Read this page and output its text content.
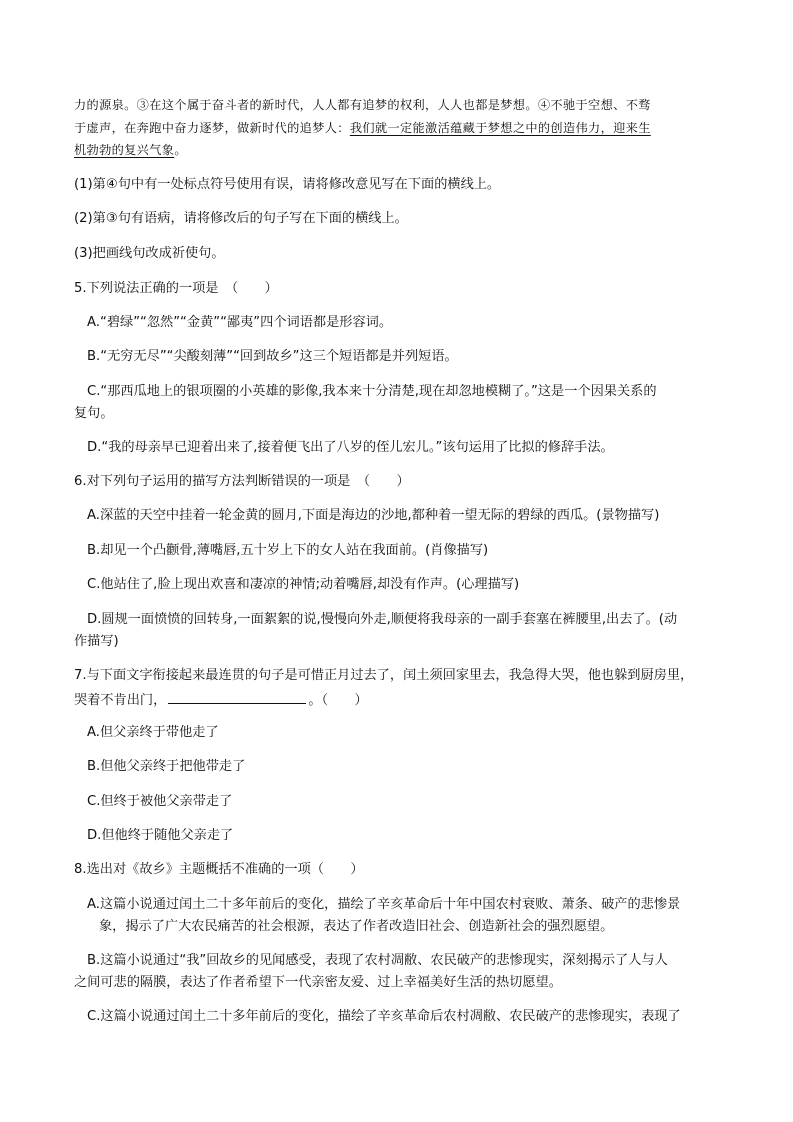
力的源泉。③在这个属于奋斗者的新时代，人人都有追梦的权利，人人也都是梦想。④不驰于空想、不骛
于虚声，在奔跑中奋力逐梦，做新时代的追梦人：我们就一定能激活蕴藏于梦想之中的创造伟力，迎来生
机勃勃的复兴气象。
(1)第④句中有一处标点符号使用有误，请将修改意见写在下面的横线上。
(2)第③句有语病，请将修改后的句子写在下面的横线上。
(3)把画线句改成祈使句。
5.下列说法正确的一项是　（　　）
A.“碧绿”“忽然”“金黄”“鄙夷”四个词语都是形容词。
B.“无穷无尽”“尖酸刻薄”“回到故乡”这三个短语都是并列短语。
C.“那西瓜地上的银项圈的小英雄的影像,我本来十分清楚,现在却忽地模糊了。”这是一个因果关系的
复句。
D.“我的母亲早已迎着出来了,接着便飞出了八岁的侄儿宏儿。”该句运用了比拟的修辞手法。
6.对下列句子运用的描写方法判断错误的一项是　（　　）
A.深蓝的天空中挂着一轮金黄的圆月,下面是海边的沙地,都种着一望无际的碧绿的西瓜。(景物描写)
B.却见一个凸颧骨,薄嘴唇,五十岁上下的女人站在我面前。(肖像描写)
C.他站住了,脸上现出欢喜和凄凉的神情;动着嘴唇,却没有作声。(心理描写)
D.圆规一面愤愤的回转身,一面絮絮的说,慢慢向外走,顺便将我母亲的一副手套塞在裤腰里,出去了。(动
作描写)
7.与下面文字衔接起来最连贯的句子是可惜正月过去了，闰土须回家里去，我急得大哭，他也躲到厨房里，
哭着不肯出门，	。（　　）
A.但父亲终于带他走了
B.但他父亲终于把他带走了
C.但终于被他父亲带走了
D.但他终于随他父亲走了
8.选出对《故乡》主题概括不准确的一项（　　）
A.这篇小说通过闰土二十多年前后的变化，描绘了辛亥革命后十年中国农村衰败、萧条、破产的悲惨景
象，揭示了广大农民痛苦的社会根源，表达了作者改造旧社会、创造新社会的强烈愿望。
B.这篇小说通过“我”回故乡的见闻感受，表现了农村凋敝、农民破产的悲惨现实，深刻揭示了人与人
之间可悲的隔膜，表达了作者希望下一代亲密友爱、过上幸福美好生活的热切愿望。
C.这篇小说通过闰土二十多年前后的变化，描绘了辛亥革命后农村凋敝、农民破产的悲惨现实，表现了
